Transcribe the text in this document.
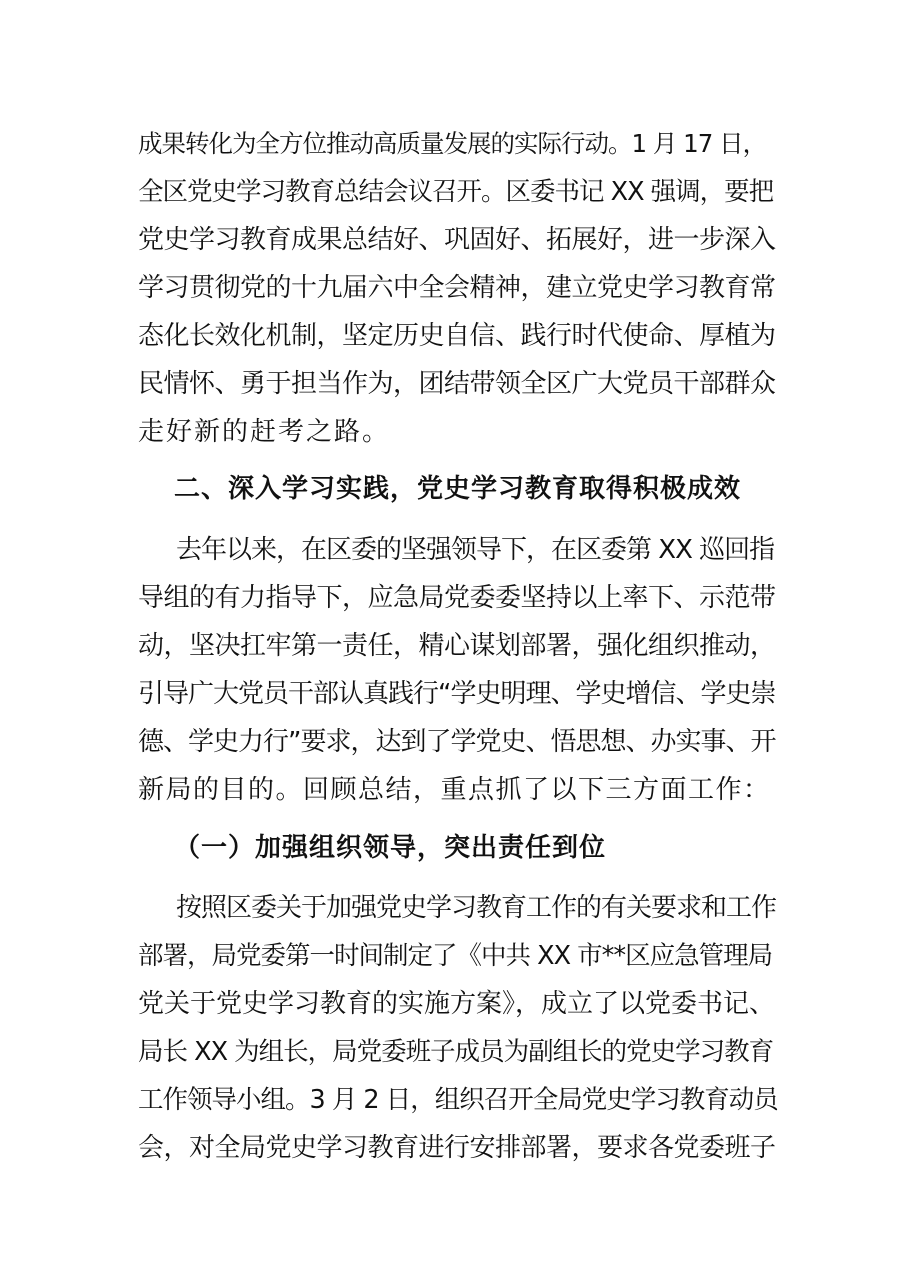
成果转化为全方位推动高质量发展的实际行动。1 月 17 日，
全区党史学习教育总结会议召开。区委书记 XX 强调，要把
党史学习教育成果总结好、巩固好、拓展好，进一步深入
学习贯彻党的十九届六中全会精神，建立党史学习教育常
态化长效化机制，坚定历史自信、践行时代使命、厚植为
民情怀、勇于担当作为，团结带领全区广大党员干部群众
走好新的赶考之路。
二、深入学习实践，党史学习教育取得积极成效
去年以来，在区委的坚强领导下，在区委第 XX 巡回指
导组的有力指导下，应急局党委委坚持以上率下、示范带
动，坚决扛牢第一责任，精心谋划部署，强化组织推动，
引导广大党员干部认真践行“学史明理、学史增信、学史崇
德、学史力行”要求，达到了学党史、悟思想、办实事、开
新局的目的。回顾总结，重点抓了以下三方面工作：
（一）加强组织领导，突出责任到位
按照区委关于加强党史学习教育工作的有关要求和工作
部署，局党委第一时间制定了《中共 XX 市**区应急管理局
党关于党史学习教育的实施方案》，成立了以党委书记、
局长 XX 为组长，局党委班子成员为副组长的党史学习教育
工作领导小组。3 月 2 日，组织召开全局党史学习教育动员
会，对全局党史学习教育进行安排部署，要求各党委班子
